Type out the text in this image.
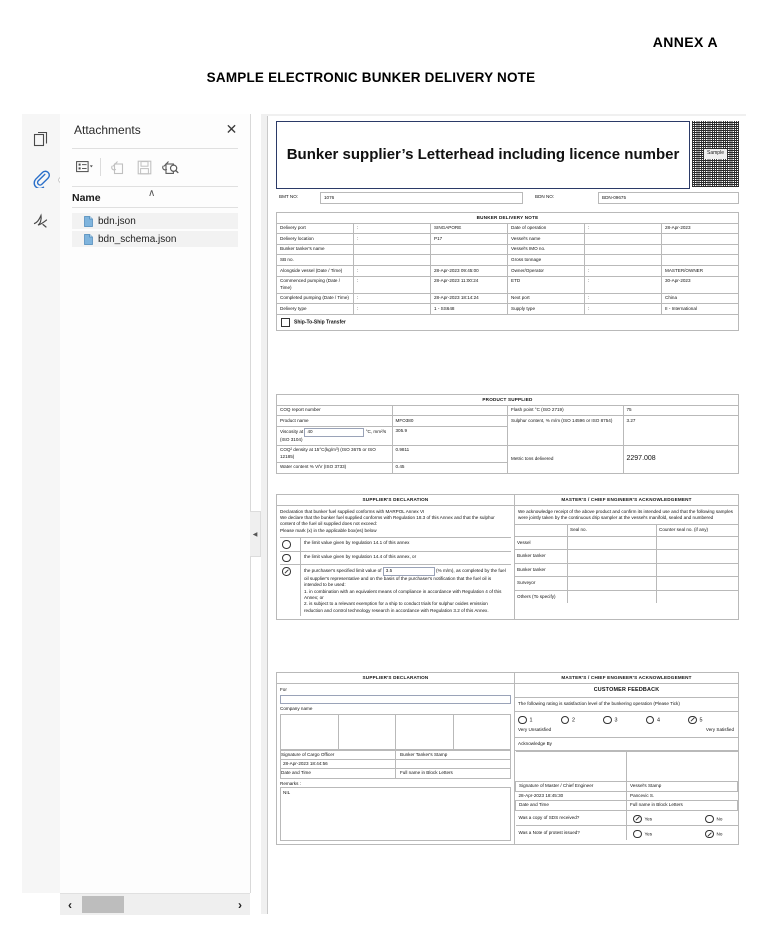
ANNEX A
SAMPLE ELECTRONIC BUNKER DELIVERY NOTE
Attachments	✕
Name	∧
bdn.json
bdn_schema.json
‹	›
◀
Bunker supplier’s Letterhead including licence number	Sample
BMT NO:	1076	BDN NO:	BDN-09675
BUNKER DELIVERY NOTE					
Delivery port	:	SINGAPORE	Date of operation	:	28-Apr-2023
Delivery location	:	P17	Vessel's name		
Bunker tanker's name			Vessel's IMO no.		
SB no.			Gross tonnage		
Alongside vessel (Date / Time)	:	28-Apr-2023 09:45:00	Owner/Operator	:	MASTER/OWNER
Commenced pumping (Date / Time)	:	28-Apr-2023 11:00:24	ETD	:	30-Apr-2023
Completed pumping (Date / Time)	:	28-Apr-2023 18:14:24	Next port	:	China
Delivery type	:	1 - SS648	Supply type	:	II - International
Ship-To-Ship Transfer					
PRODUCT SUPPLIED			
COQ report number		Flash point °C (ISO 2719)	75
Product name	MFO380	Sulphur content, % m/m (ISO 14596 or ISO 8754)	3.27
Viscosity at 40 °C, mm²/s (ISO 3104)	305.9		
COQ² density at 15°C(kg/m³) (ISO 3675 or ISO 12185)	0.9811	Metric tons delivered	2297.008
Water content % V/V (ISO 3733)	0.45		
SUPPLIER'S DECLARATION	MASTER'S / CHIEF ENGINEER'S ACKNOWLEDGEMENT

Declaration that bunker fuel supplied conforms with MARPOL Annex VI
We declare that the bunker fuel supplied conforms with Regulation 18.3 of this Annex and that the sulphur content of the fuel oil supplied does not exceed:
Please mark (x) in the applicable box(es) below
	the limit value given by regulation 14.1 of this annex
	the limit value given by regulation 14.4 of this annex, or
	the purchaser's specified limit value of 3.5	(% m/m), as completed by the fuel oil supplier's representative and on the basis of the purchaser's notification that the fuel oil is intended to be used:
1. in combination with an equivalent means of compliance in accordance with Regulation 4 of this Annex; or
2. is subject to a relevant exemption for a ship to conduct trials for sulphur oxides emission reduction and control technology research in accordance with Regulation 3.2 of this Annex.

We acknowledge receipt of the above product and confirm its intended use and that the following samples were jointly taken by the continuous drip sampler at the vessel's manifold, sealed and numbered
	Seal no.	Counter seal no. (if any)
Vessel		
Bunker tanker		
Bunker tanker		
Surveyor		
Others (To specify)		
SUPPLIER'S DECLARATION	MASTER'S / CHIEF ENGINEER'S ACKNOWLEDGEMENT

For
Company name

Signature of Cargo Officer	Bunker Tanker's Stamp
28-Apr-2023 18:44:56	
Date and Time	Full name in Block Letters
Remarks :
NIL

CUSTOMER FEEDBACK
The following rating is satisfaction level of the bunkering operation (Please Tick)
1	2	3	4	5
Very Unsatisfied	Very Satisfied
Acknowledge By

Signature of Master / Chief Engineer	Vessel's Stamp
28-Apr-2023 18:45:30	Pancevic S.
Date and Time	Full name in Block Letters
Was a copy of SDS received?	Yes	No

Was a Note of protest issued?	Yes	No
